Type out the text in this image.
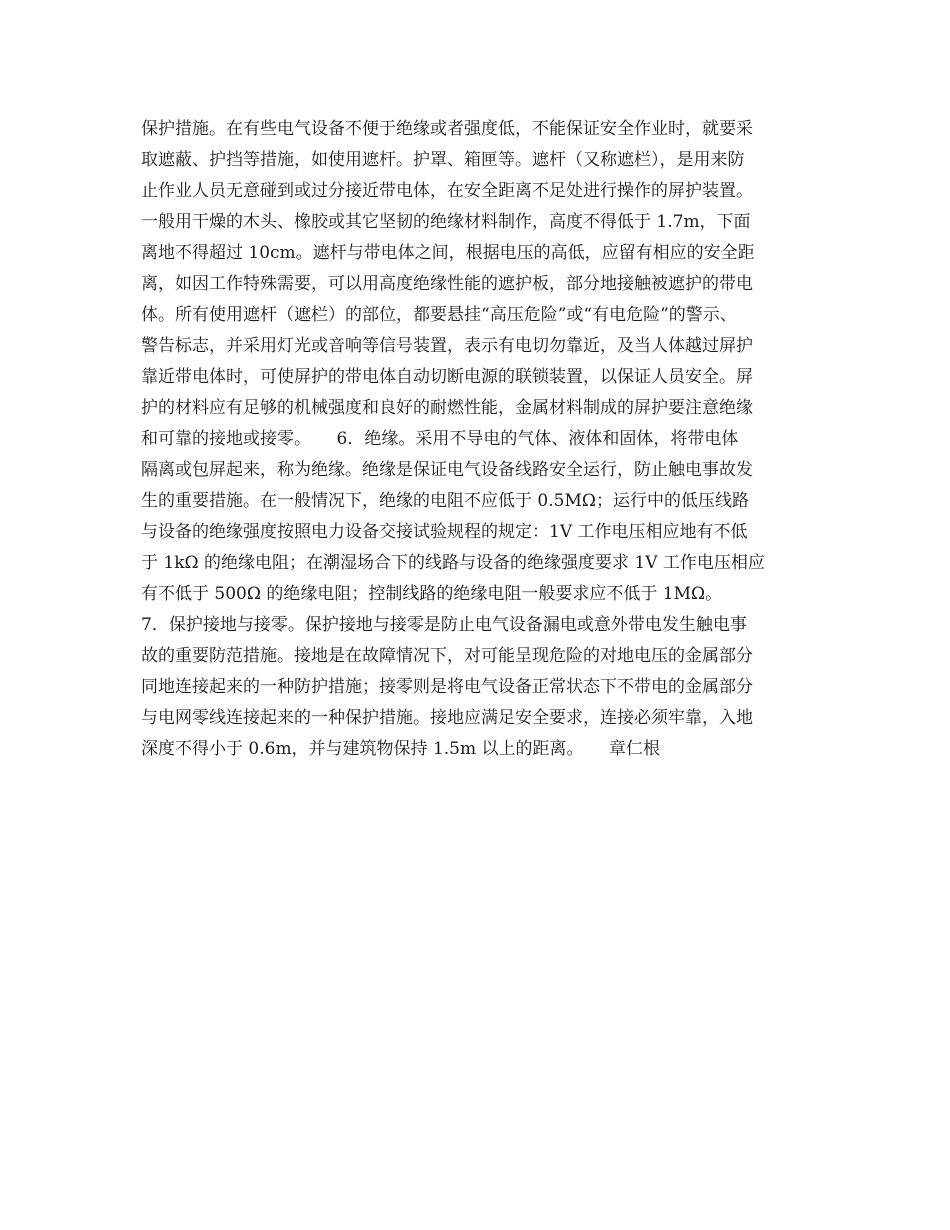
保护措施。在有些电气设备不便于绝缘或者强度低，不能保证安全作业时，就要采
取遮蔽、护挡等措施，如使用遮杆。护罩、箱匣等。遮杆（又称遮栏），是用来防
止作业人员无意碰到或过分接近带电体，在安全距离不足处进行操作的屏护装置。
一般用干燥的木头、橡胶或其它坚韧的绝缘材料制作，高度不得低于 1.7m，下面
离地不得超过 10cm。遮杆与带电体之间，根据电压的高低，应留有相应的安全距
离，如因工作特殊需要，可以用高度绝缘性能的遮护板，部分地接触被遮护的带电
体。所有使用遮杆（遮栏）的部位，都要悬挂“高压危险”或“有电危险”的警示、
警告标志，并采用灯光或音响等信号装置，表示有电切勿靠近，及当人体越过屏护
靠近带电体时，可使屏护的带电体自动切断电源的联锁装置，以保证人员安全。屏
护的材料应有足够的机械强度和良好的耐燃性能，金属材料制成的屏护要注意绝缘
和可靠的接地或接零。　　6．绝缘。采用不导电的气体、液体和固体，将带电体
隔离或包屏起来，称为绝缘。绝缘是保证电气设备线路安全运行，防止触电事故发
生的重要措施。在一般情况下，绝缘的电阻不应低于 0.5MΩ；运行中的低压线路
与设备的绝缘强度按照电力设备交接试验规程的规定：1V 工作电压相应地有不低
于 1kΩ 的绝缘电阻；在潮湿场合下的线路与设备的绝缘强度要求 1V 工作电压相应
有不低于 500Ω 的绝缘电阻；控制线路的绝缘电阻一般要求应不低于 1MΩ。
7．保护接地与接零。保护接地与接零是防止电气设备漏电或意外带电发生触电事
故的重要防范措施。接地是在故障情况下，对可能呈现危险的对地电压的金属部分
同地连接起来的一种防护措施；接零则是将电气设备正常状态下不带电的金属部分
与电网零线连接起来的一种保护措施。接地应满足安全要求，连接必须牢靠，入地
深度不得小于 0.6m，并与建筑物保持 1.5m 以上的距离。　　章仁根
